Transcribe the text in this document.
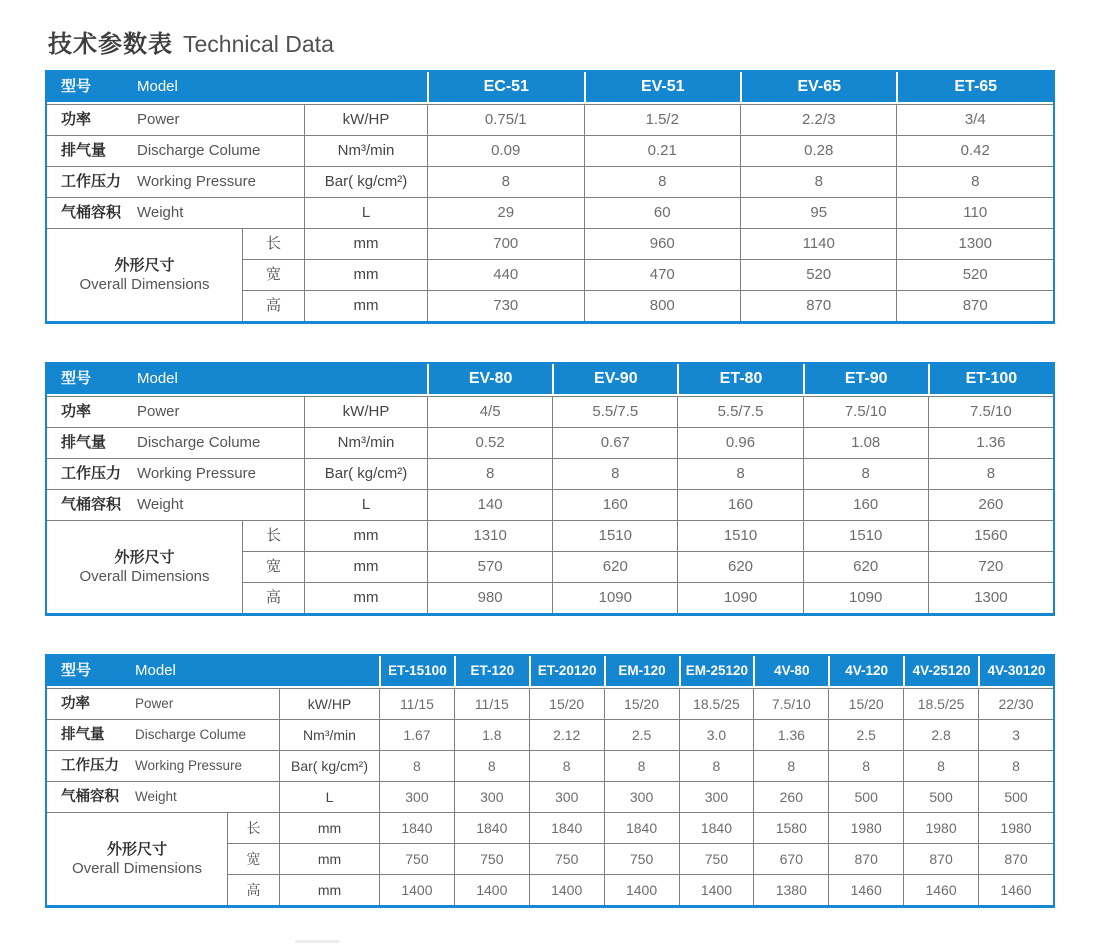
技术参数表 Technical Data
型号 Model			EC-51	EV-51	EV-65	ET-65
功率 Power		kW/HP	0.75/1	1.5/2	2.2/3	3/4
排气量 Discharge Colume		Nm³/min	0.09	0.21	0.28	0.42
工作压力 Working Pressure		Bar( kg/cm²)	8	8	8	8
气桶容积 Weight		L	29	60	95	110

外形尺寸
Overall Dimensions	长	mm	700	960	1140	1300
	宽	mm	440	470	520	520
	高	mm	730	800	870	870
型号 Model			EV-80	EV-90	ET-80	ET-90	ET-100
功率 Power		kW/HP	4/5	5.5/7.5	5.5/7.5	7.5/10	7.5/10
排气量 Discharge Colume		Nm³/min	0.52	0.67	0.96	1.08	1.36
工作压力 Working Pressure		Bar( kg/cm²)	8	8	8	8	8
气桶容积 Weight		L	140	160	160	160	260

外形尺寸
Overall Dimensions	长	mm	1310	1510	1510	1510	1560
	宽	mm	570	620	620	620	720
	高	mm	980	1090	1090	1090	1300
型号 Model			ET-15100	ET-120	ET-20120	EM-120	EM-25120	4V-80	4V-120	4V-25120	4V-30120
功率 Power		kW/HP	11/15	11/15	15/20	15/20	18.5/25	7.5/10	15/20	18.5/25	22/30
排气量 Discharge Colume		Nm³/min	1.67	1.8	2.12	2.5	3.0	1.36	2.5	2.8	3
工作压力 Working Pressure		Bar( kg/cm²)	8	8	8	8	8	8	8	8	8
气桶容积 Weight		L	300	300	300	300	300	260	500	500	500

外形尺寸
Overall Dimensions	长	mm	1840	1840	1840	1840	1840	1580	1980	1980	1980
	宽	mm	750	750	750	750	750	670	870	870	870
	高	mm	1400	1400	1400	1400	1400	1380	1460	1460	1460
